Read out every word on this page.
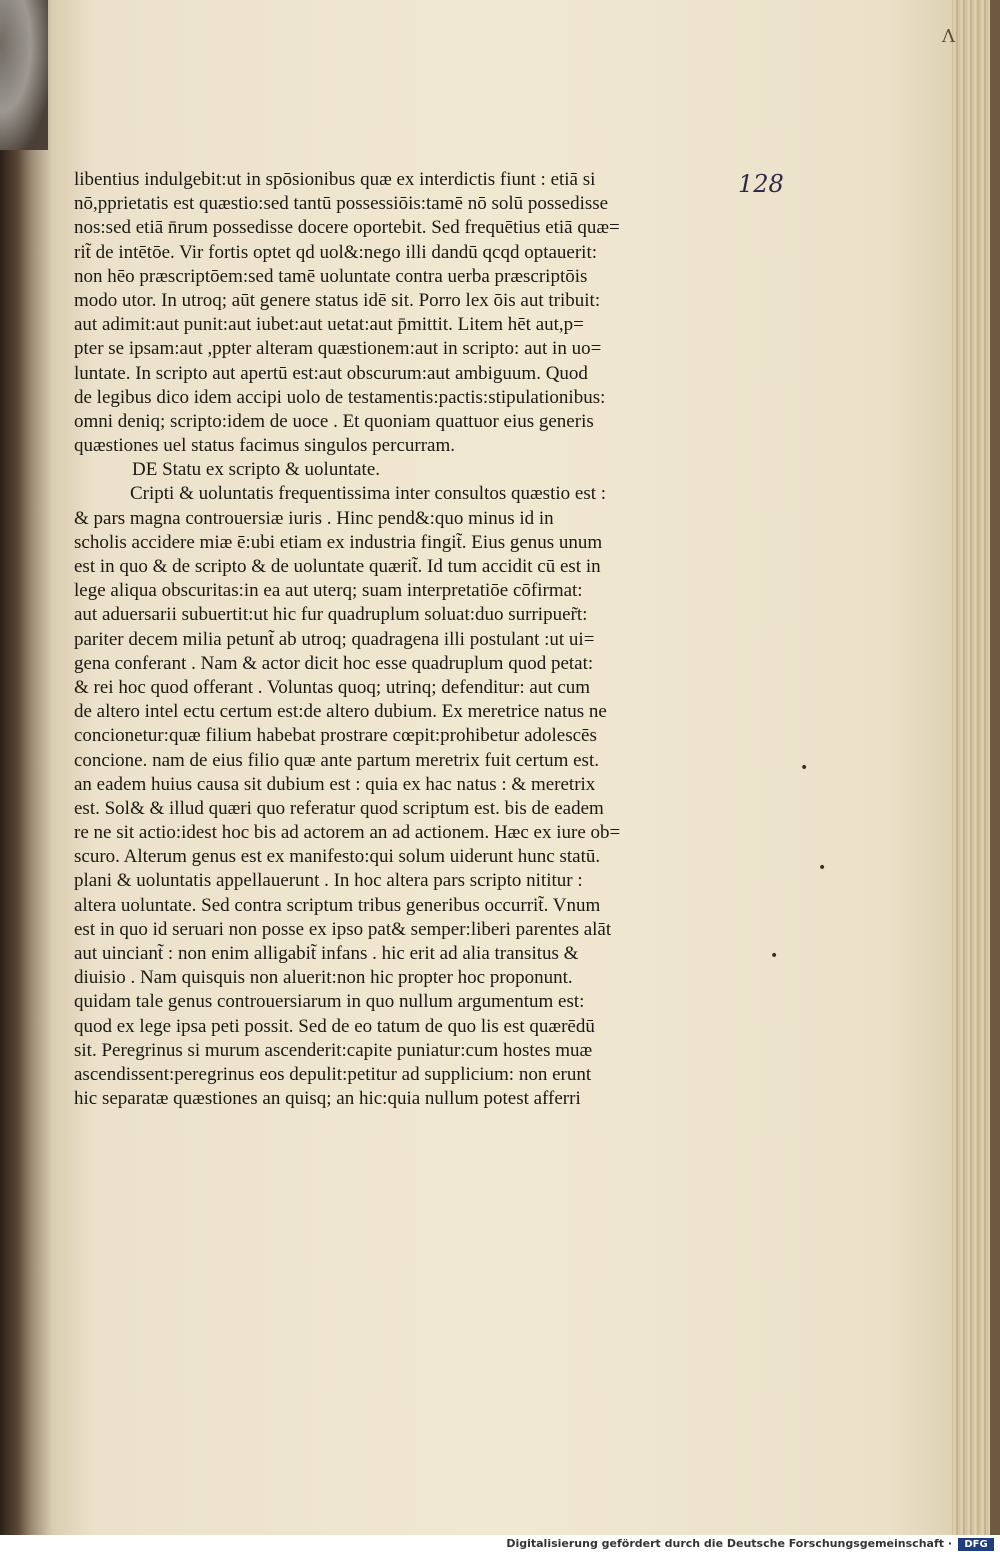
Λ
128
libentius indulgebit:ut in spōsionibus quæ ex interdictis fiunt : etiā si
nō,pprietatis est quæstio:sed tantū possessiōis:tamē nō solū possedisse
nos:sed etiā n̄rum possedisse docere oportebit. Sed frequētius etiā quæ=
rit̃ de intētōe. Vir fortis optet qd uol&:nego illi dandū qcqd optauerit:
non hēo præscriptōem:sed tamē uoluntate contra uerba præscriptōis
modo utor. In utroq; aūt genere status idē sit. Porro lex ōis aut tribuit:
aut adimit:aut punit:aut iubet:aut uetat:aut p̄mittit. Litem hēt aut,p=
pter se ipsam:aut ,ppter alteram quæstionem:aut in scripto: aut in uo=
luntate. In scripto aut apertū est:aut obscurum:aut ambiguum. Quod
de legibus dico idem accipi uolo de testamentis:pactis:stipulationibus:
omni deniq; scripto:idem de uoce . Et quoniam quattuor eius generis
quæstiones uel status facimus singulos percurram.
DE Statu ex scripto & uoluntate.
Cripti & uoluntatis frequentissima inter consultos quæstio est :
& pars magna controuersiæ iuris . Hinc pend&:quo minus id in
scholis accidere miæ ē:ubi etiam ex industria fingit̃. Eius genus unum
est in quo & de scripto & de uoluntate quærit̃. Id tum accidit cū est in
lege aliqua obscuritas:in ea aut uterq; suam interpretatiōe cōfirmat:
aut aduersarii subuertit:ut hic fur quadruplum soluat:duo surripuer̃t:
pariter decem milia petunt̃ ab utroq; quadragena illi postulant :ut ui=
gena conferant . Nam & actor dicit hoc esse quadruplum quod petat:
& rei hoc quod offerant . Voluntas quoq; utrinq; defenditur: aut cum
de altero intel ectu certum est:de altero dubium. Ex meretrice natus ne
concionetur:quæ filium habebat prostrare cœpit:prohibetur adolescēs
concione. nam de eius filio quæ ante partum meretrix fuit certum est.
an eadem huius causa sit dubium est : quia ex hac natus : & meretrix
est. Sol& & illud quæri quo referatur quod scriptum est. bis de eadem
re ne sit actio:idest hoc bis ad actorem an ad actionem. Hæc ex iure ob=
scuro. Alterum genus est ex manifesto:qui solum uiderunt hunc statū.
plani & uoluntatis appellauerunt . In hoc altera pars scripto nititur :
altera uoluntate. Sed contra scriptum tribus generibus occurrit̃. Vnum
est in quo id seruari non posse ex ipso pat& semper:liberi parentes alāt
aut uinciant̃ : non enim alligabit̃ infans . hic erit ad alia transitus &
diuisio . Nam quisquis non aluerit:non hic propter hoc proponunt.
quidam tale genus controuersiarum in quo nullum argumentum est:
quod ex lege ipsa peti possit. Sed de eo tatum de quo lis est quærēdū
sit. Peregrinus si murum ascenderit:capite puniatur:cum hostes muæ
ascendissent:peregrinus eos depulit:petitur ad supplicium: non erunt
hic separatæ quæstiones an quisq; an hic:quia nullum potest afferri
•
•
•
Digitalisierung gefördert durch die Deutsche Forschungsgemeinschaft ·	DFG
